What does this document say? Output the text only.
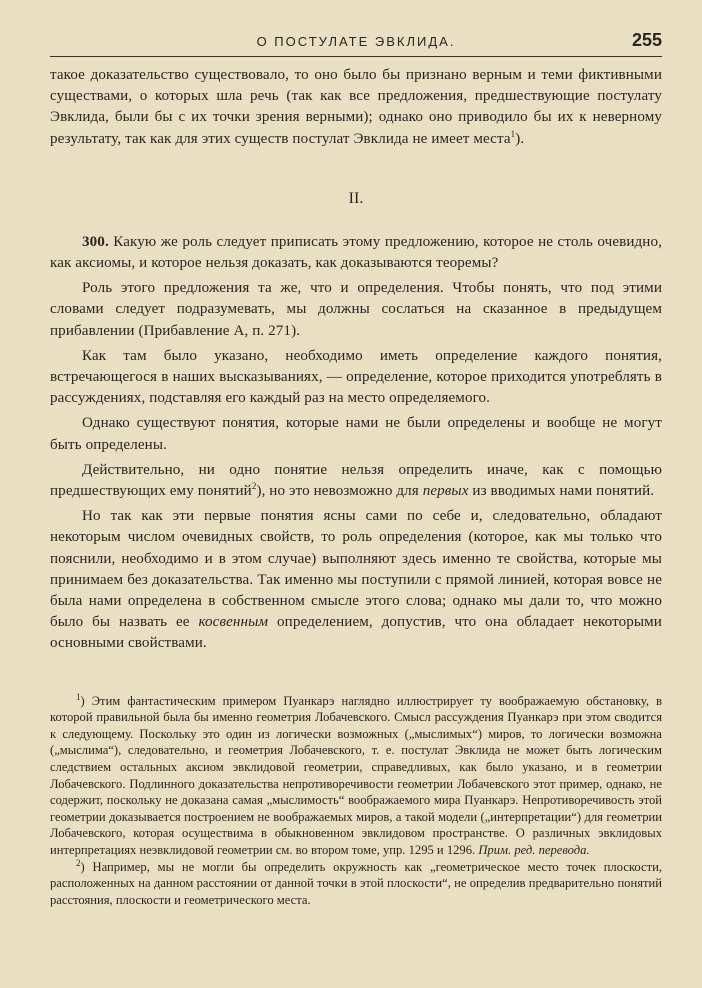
О ПОСТУЛАТЕ ЭВКЛИДА.	255

такое доказательство существовало, то оно было бы признано верным и теми фиктивными существами, о которых шла речь (так как все предложения, предшествующие постулату Эвклида, были бы с их точки зрения верными); однако оно приводило бы их к неверному результату, так как для этих существ постулат Эвклида не имеет места$^1$).

II.

300. Какую же роль следует приписать этому предложению, которое не столь очевидно, как аксиомы, и которое нельзя доказать, как доказываются теоремы?

Роль этого предложения та же, что и определения. Чтобы понять, что под этими словами следует подразумевать, мы должны сослаться на сказанное в предыдущем прибавлении (Прибавление A, п. 271).

Как там было указано, необходимо иметь определение каждого понятия, встречающегося в наших высказываниях, — определение, которое приходится употреблять в рассуждениях, подставляя его каждый раз на место определяемого.

Однако существуют понятия, которые нами не были определены и вообще не могут быть определены.

Действительно, ни одно понятие нельзя определить иначе, как с помощью предшествующих ему понятий$^2$), но это невозможно для первых из вводимых нами понятий.

Но так как эти первые понятия ясны сами по себе и, следовательно, обладают некоторым числом очевидных свойств, то роль определения (которое, как мы только что пояснили, необходимо и в этом случае) выполняют здесь именно те свойства, которые мы принимаем без доказательства. Так именно мы поступили с прямой линией, которая вовсе не была нами определена в собственном смысле этого слова; однако мы дали то, что можно было бы назвать ее косвенным определением, допустив, что она обладает некоторыми основными свойствами.

$^1$) Этим фантастическим примером Пуанкарэ наглядно иллюстрирует ту воображаемую обстановку, в которой правильной была бы именно геометрия Лобачевского. Смысл рассуждения Пуанкарэ при этом сводится к следующему. Поскольку это один из логически возможных („мыслимых“) миров, то логически возможна („мыслима“), следовательно, и геометрия Лобачевского, т. е. постулат Эвклида не может быть логическим следствием остальных аксиом эвклидовой геометрии, справедливых, как было указано, и в геометрии Лобачевского. Подлинного доказательства непротиворечивости геометрии Лобачевского этот пример, однако, не содержит, поскольку не доказана самая „мыслимость“ воображаемого мира Пуанкарэ. Непротиворечивость этой геометрии доказывается построением не воображаемых миров, а такой модели („интерпретации“) для геометрии Лобачевского, которая осуществима в обыкновенном эвклидовом пространстве. О различных эвклидовых интерпретациях неэвклидовой геометрии см. во втором томе, упр. 1295 и 1296. Прим. ред. перевода.

$^2$) Например, мы не могли бы определить окружность как „геометрическое место точек плоскости, расположенных на данном расстоянии от данной точки в этой плоскости“, не определив предварительно понятий расстояния, плоскости и геометрического места.
